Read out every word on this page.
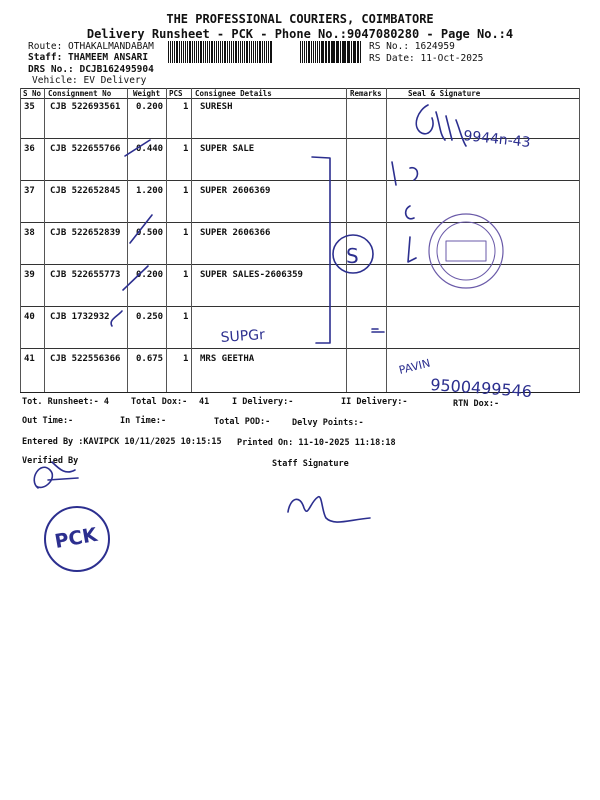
THE PROFESSIONAL COURIERS, COIMBATORE
Delivery Runsheet - PCK - Phone No.:9047080280 - Page No.:4
Route: OTHAKALMANDABAM
Staff: THAMEEM ANSARI
DRS No.: DCJB162495904
Vehicle: EV Delivery
RS No.: 1624959
RS Date: 11-Oct-2025
S No Consignment No	Weight PCS Consignee Details	Remarks	Seal & Signature
35 CJB 522693561 0.200 1 SURESH
36 CJB 522655766 0.440 1 SUPER SALE
37 CJB 522652845 1.200 1 SUPER 2606369
38 CJB 522652839 0.500 1 SUPER 2606366
39 CJB 522655773 0.200 1 SUPER SALES-2606359
40 CJB 1732932	0.250 1
41 CJB 522556366 0.675 1 MRS GEETHA
Tot. Runsheet:- 4	Total Dox:- 41	I Delivery:-	II Delivery:-	RTN Dox:-
Out Time:-	In Time:-	Total POD:-	Delvy Points:-
Entered By :KAVIPCK 10/11/2025 10:15:15 Printed On: 11-10-2025 11:18:18
Verified By	Staff Signature
9944n-43
SUPGr
S
PAVIN
9500499546
PCK
